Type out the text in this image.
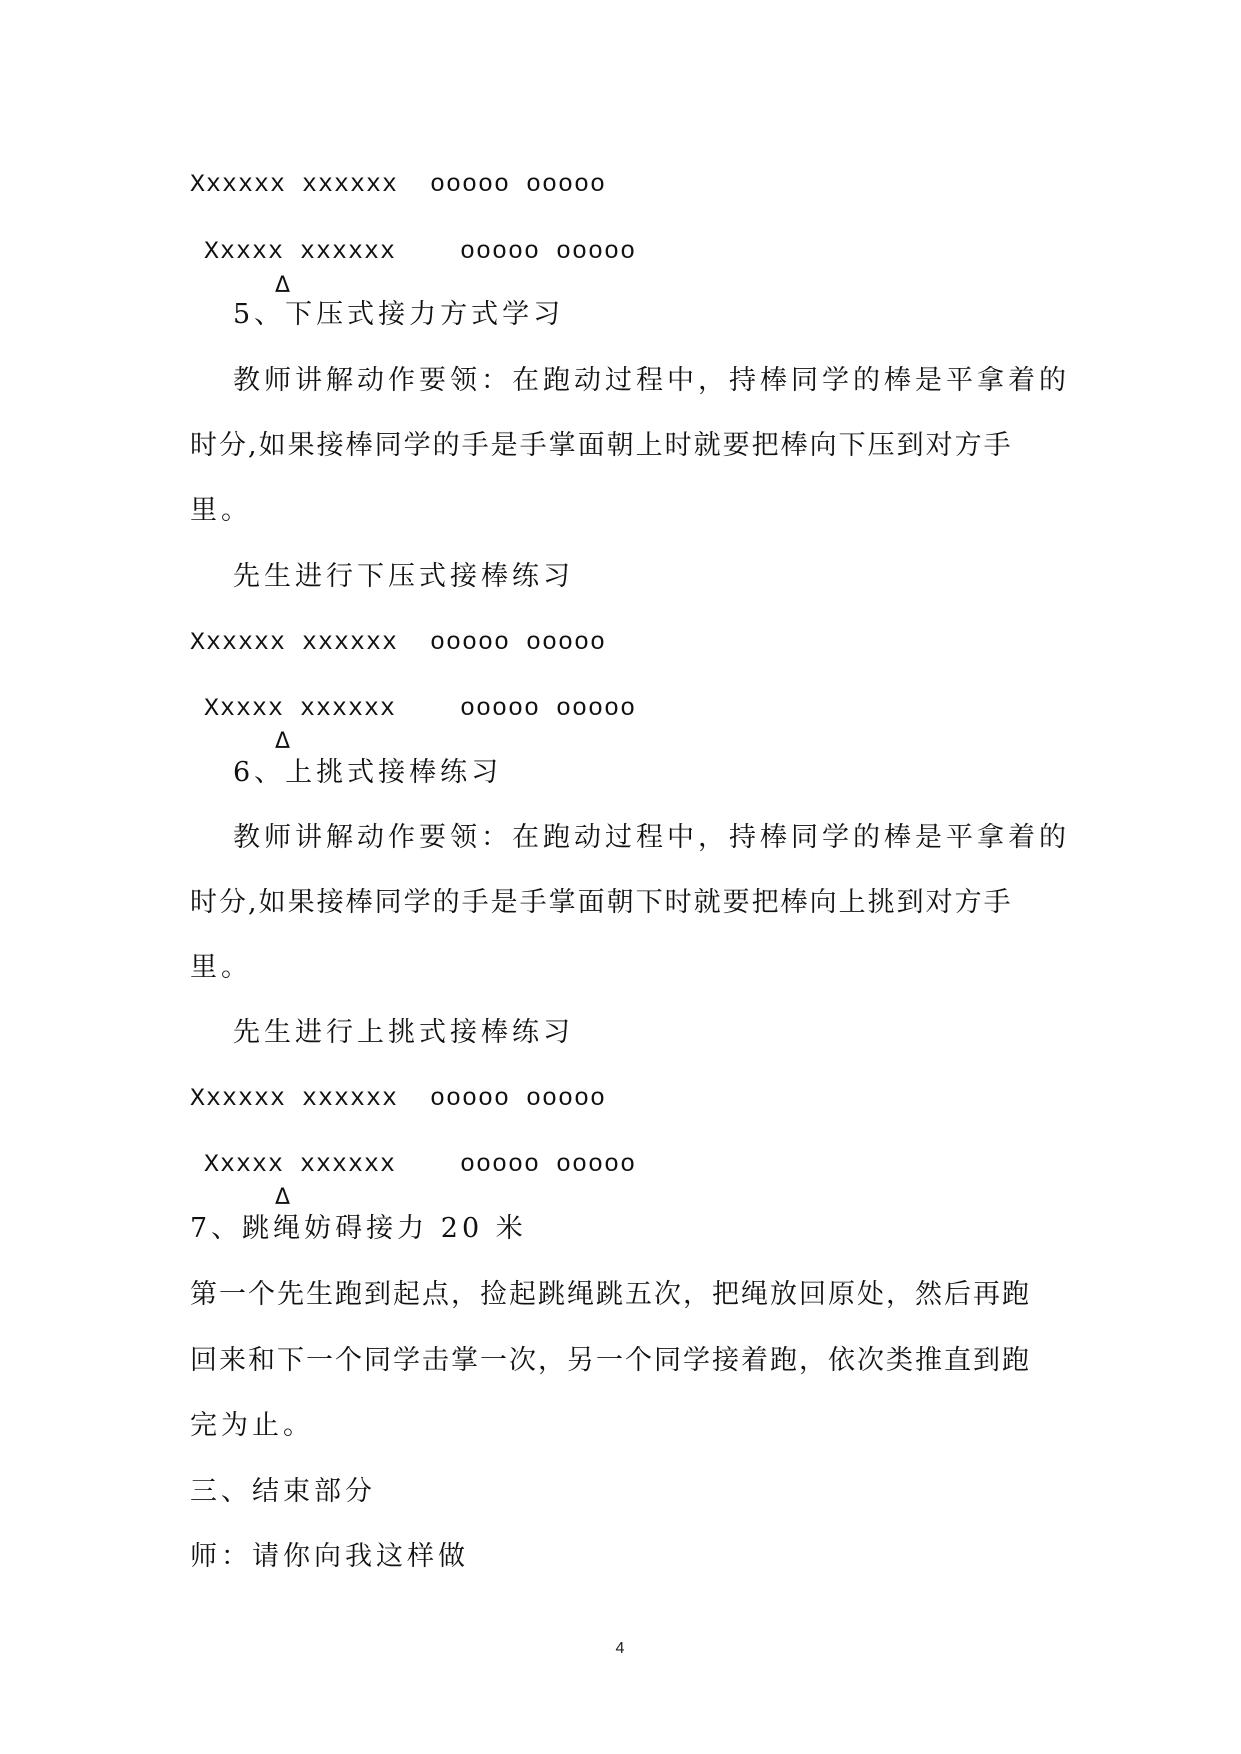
Xxxxxx xxxxxx  ooooo ooooo
Xxxxx xxxxxx    ooooo ooooo
Δ
5、下压式接力方式学习
教师讲解动作要领：在跑动过程中，持棒同学的棒是平拿着的
时分,如果接棒同学的手是手掌面朝上时就要把棒向下压到对方手
里。
先生进行下压式接棒练习
Xxxxxx xxxxxx  ooooo ooooo
Xxxxx xxxxxx    ooooo ooooo
Δ
6、上挑式接棒练习
教师讲解动作要领：在跑动过程中，持棒同学的棒是平拿着的
时分,如果接棒同学的手是手掌面朝下时就要把棒向上挑到对方手
里。
先生进行上挑式接棒练习
Xxxxxx xxxxxx  ooooo ooooo
Xxxxx xxxxxx    ooooo ooooo
Δ
7、跳绳妨碍接力 20 米
第一个先生跑到起点，捡起跳绳跳五次，把绳放回原处，然后再跑
回来和下一个同学击掌一次，另一个同学接着跑，依次类推直到跑
完为止。
三、结束部分
师：请你向我这样做
4
